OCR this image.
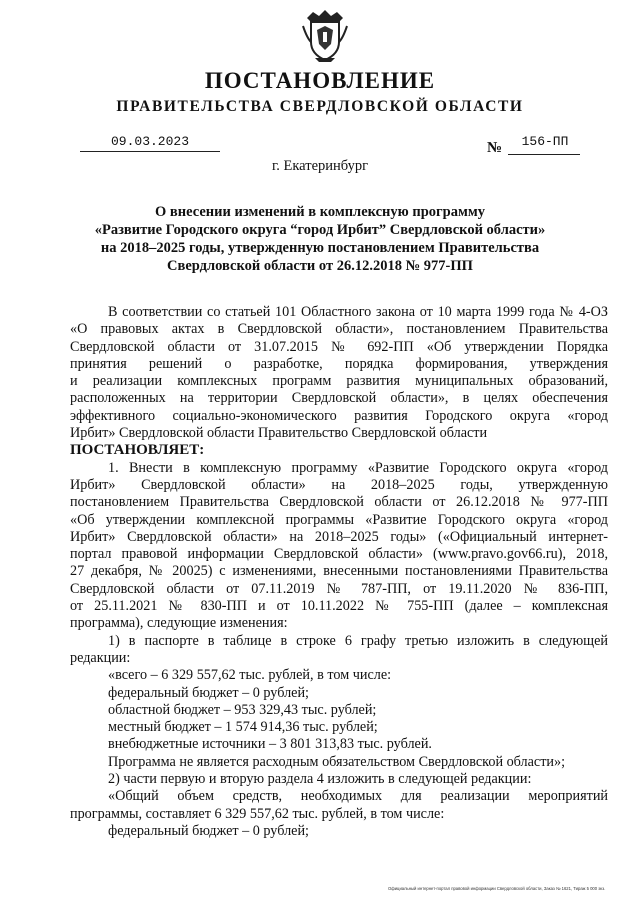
ПОСТАНОВЛЕНИЕ
ПРАВИТЕЛЬСТВА СВЕРДЛОВСКОЙ ОБЛАСТИ
09.03.2023	№	156-ПП
г. Екатеринбург
О внесении изменений в комплексную программу
«Развитие Городского округа “город Ирбит” Свердловской области»
на 2018–2025 годы, утвержденную постановлением Правительства
Свердловской области от 26.12.2018 № 977-ПП

В соответствии со статьей 101 Областного закона от 10 марта 1999 года № 4-ОЗ

«О правовых актах в Свердловской области», постановлением Правительства

Свердловской области от 31.07.2015 № 692-ПП «Об утверждении Порядка

принятия решений о разработке, порядка формирования, утверждения

и реализации комплексных программ развития муниципальных образований,

расположенных на территории Свердловской области», в целях обеспечения

эффективного социально-экономического развития Городского округа «город

Ирбит» Свердловской области Правительство Свердловской области

ПОСТАНОВЛЯЕТ:

1. Внести в комплексную программу «Развитие Городского округа «город

Ирбит» Свердловской области» на 2018–2025 годы, утвержденную

постановлением Правительства Свердловской области от 26.12.2018 № 977-ПП

«Об утверждении комплексной программы «Развитие Городского округа «город

Ирбит» Свердловской области» на 2018–2025 годы» («Официальный интернет-

портал правовой информации Свердловской области» (www.pravo.gov66.ru), 2018,

27 декабря, № 20025) с изменениями, внесенными постановлениями Правительства

Свердловской области от 07.11.2019 № 787-ПП, от 19.11.2020 № 836-ПП,

от 25.11.2021 № 830-ПП и от 10.11.2022 № 755-ПП (далее – комплексная

программа), следующие изменения:

1) в паспорте в таблице в строке 6 графу третью изложить в следующей

редакции:

«всего – 6 329 557,62 тыс. рублей, в том числе:

федеральный бюджет – 0 рублей;

областной бюджет – 953 329,43 тыс. рублей;

местный бюджет – 1 574 914,36 тыс. рублей;

внебюджетные источники – 3 801 313,83 тыс. рублей.

Программа не является расходным обязательством Свердловской области»;

2) части первую и вторую раздела 4 изложить в следующей редакции:

«Общий объем средств, необходимых для реализации мероприятий

программы, составляет 6 329 557,62 тыс. рублей, в том числе:

федеральный бюджет – 0 рублей;

Официальный интернет-портал правовой информации Свердловской области, Заказ № 1621, Тираж 5 000 экз.
